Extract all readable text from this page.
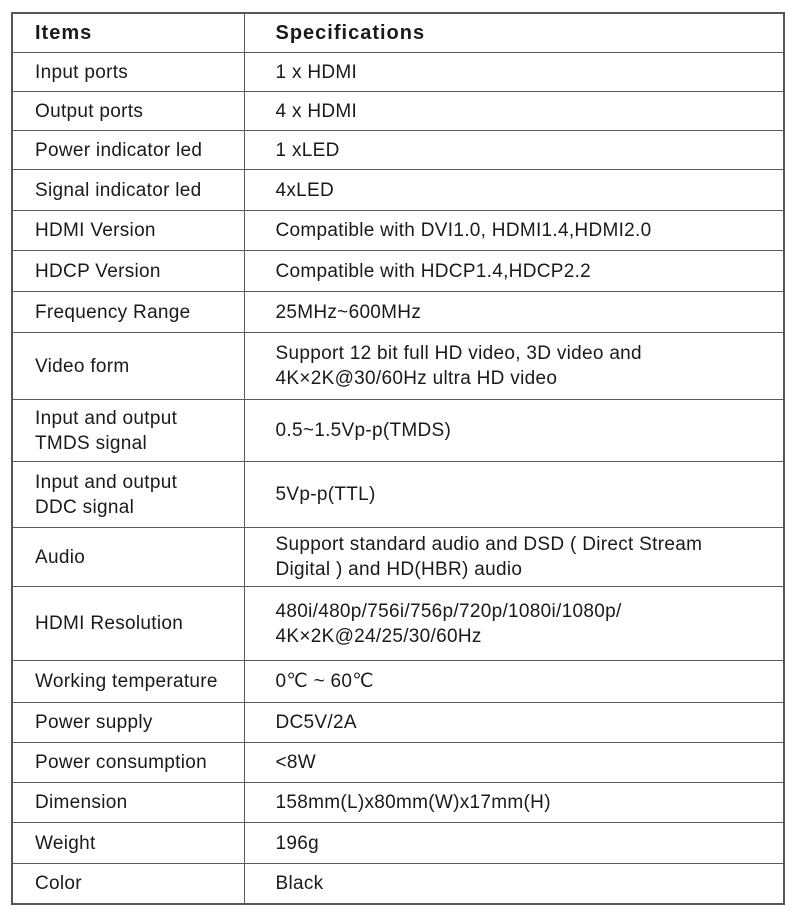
Items	Specifications
Input ports	1 x HDMI
Output ports	4 x HDMI
Power indicator led	1 xLED
Signal indicator led	4xLED
HDMI Version	Compatible with DVI1.0, HDMI1.4,HDMI2.0
HDCP Version	Compatible with HDCP1.4,HDCP2.2
Frequency Range	25MHz~600MHz
Video form	Support 12 bit full HD video, 3D video and
4K×2K@30/60Hz ultra HD video
Input and output
TMDS signal	0.5~1.5Vp-p(TMDS)
Input and output
DDC signal	5Vp-p(TTL)
Audio	Support standard audio and DSD ( Direct Stream
Digital ) and HD(HBR) audio
HDMI Resolution	480i/480p/756i/756p/720p/1080i/1080p/
4K×2K@24/25/30/60Hz
Working temperature	0℃ ~ 60℃
Power supply	DC5V/2A
Power consumption	<8W
Dimension	158mm(L)x80mm(W)x17mm(H)
Weight	196g
Color	Black
